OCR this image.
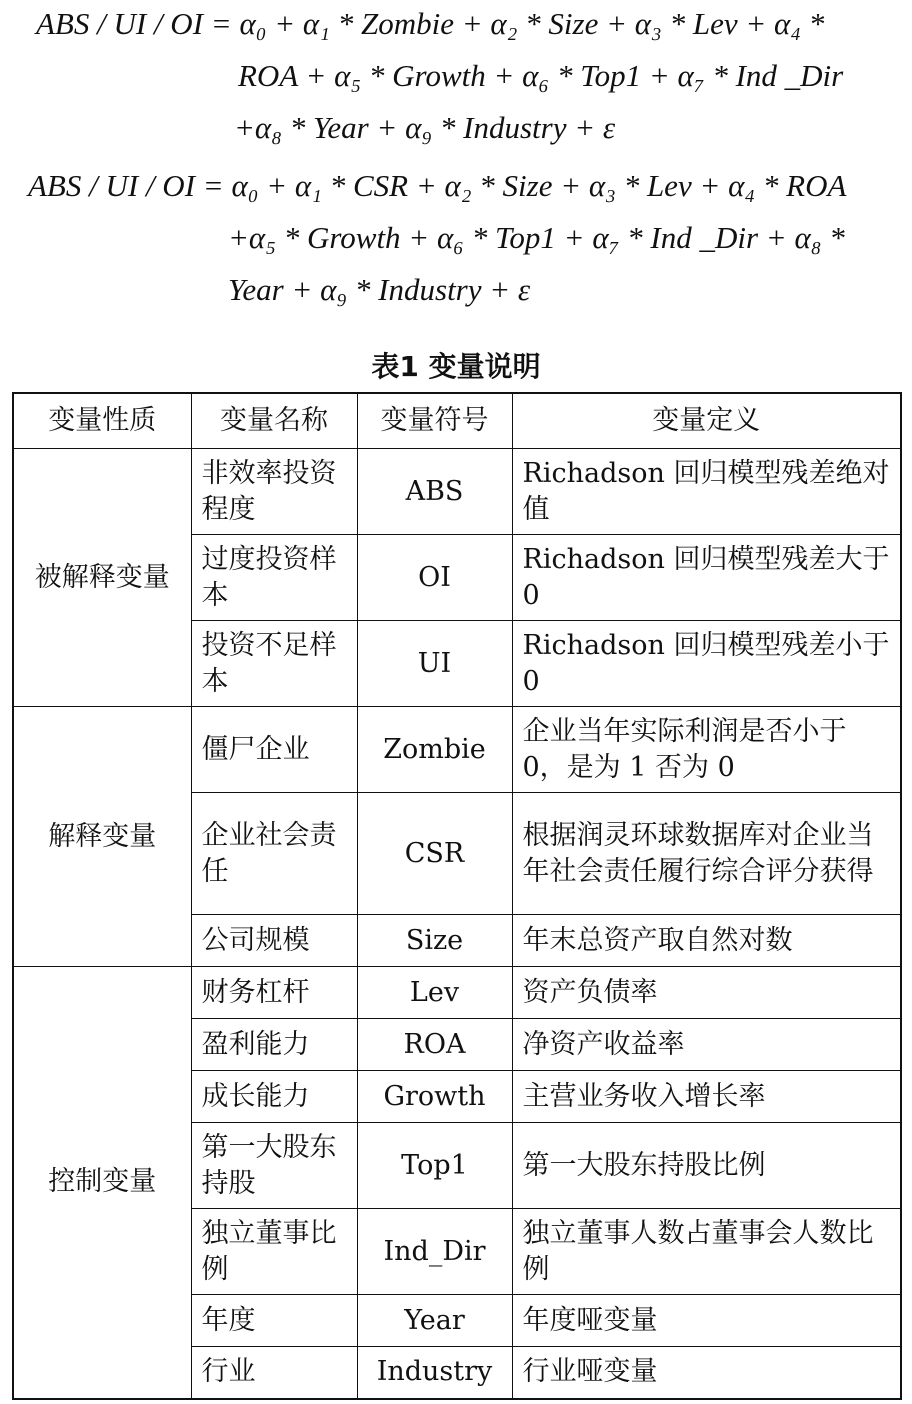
ABS / UI / OI = α₀ + α₁ * Zombie + α₂ * Size + α₃ * Lev + α₄ *
ROA + α₅ * Growth + α₆ * Top1 + α₇ * Ind _Dir
+α₈ * Year + α₉ * Industry + ε
ABS / UI / OI = α₀ + α₁ * CSR + α₂ * Size + α₃ * Lev + α₄ * ROA
+α₅ * Growth + α₆ * Top1 + α₇ * Ind _Dir + α₈ *
Year + α₉ * Industry + ε
表1 变量说明
变量性质	变量名称	变量符号	变量定义
被解释变量	非效率投资程度	ABS	Richadson 回归模型残差绝对值
	过度投资样本	OI	Richadson 回归模型残差大于 0
	投资不足样本	UI	Richadson 回归模型残差小于 0
解释变量	僵尸企业	Zombie	企业当年实际利润是否小于 0，是为 1 否为 0
	企业社会责任	CSR	根据润灵环球数据库对企业当年社会责任履行综合评分获得
	公司规模	Size	年末总资产取自然对数
控制变量	财务杠杆	Lev	资产负债率
	盈利能力	ROA	净资产收益率
	成长能力	Growth	主营业务收入增长率
	第一大股东持股	Top1	第一大股东持股比例
	独立董事比例	Ind_Dir	独立董事人数占董事会人数比例
	年度	Year	年度哑变量
	行业	Industry	行业哑变量
